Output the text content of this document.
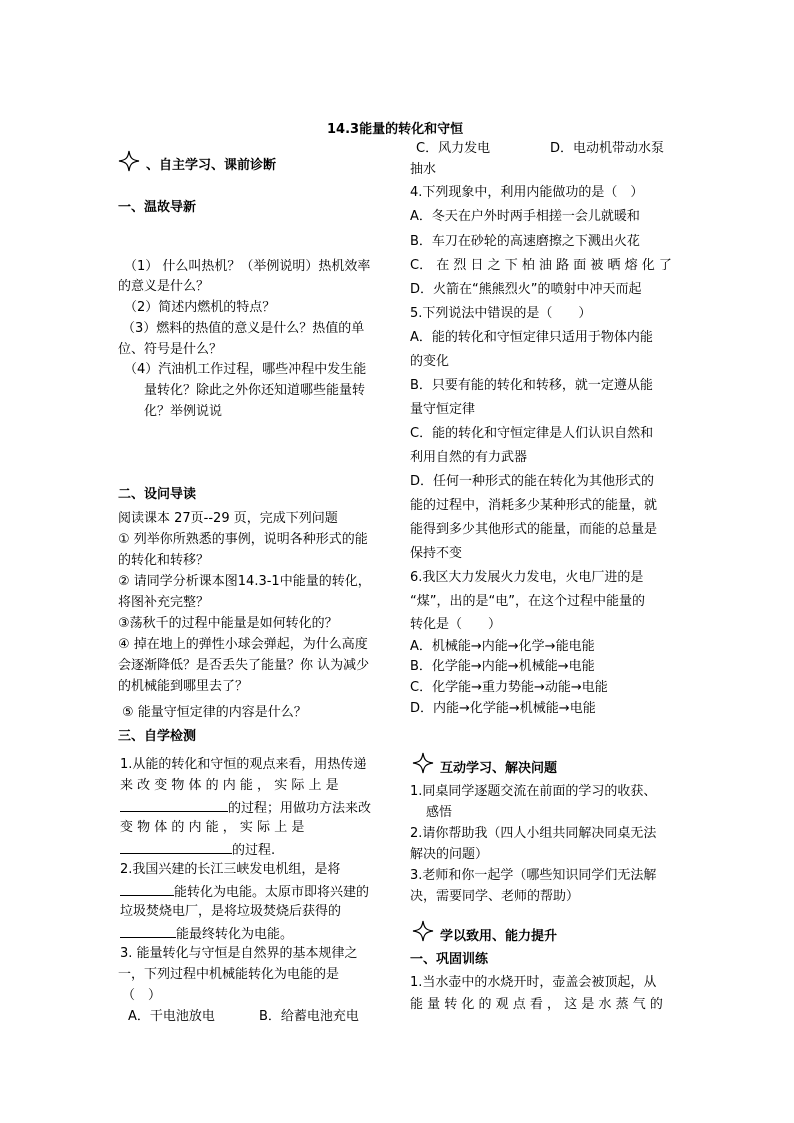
14.3能量的转化和守恒
、自主学习、课前诊断
一、温故导新
（1） 什么叫热机？（举例说明）热机效率
的意义是什么？
（2）简述内燃机的特点？
（3）燃料的热值的意义是什么？热值的单
位、符号是什么？
（4）汽油机工作过程，哪些冲程中发生能
量转化？除此之外你还知道哪些能量转
化？举例说说
二、设问导读
阅读课本 27页--29 页，完成下列问题
① 列举你所熟悉的事例，说明各种形式的能
的转化和转移？
② 请同学分析课本图14.3-1中能量的转化，
将图补充完整？
③荡秋千的过程中能量是如何转化的？
④ 掉在地上的弹性小球会弹起，为什么高度
会逐渐降低？是否丢失了能量？你 认为减少
的机械能到哪里去了？
⑤ 能量守恒定律的内容是什么？
三、自学检测
1.从能的转化和守恒的观点来看，用热传递
来 改 变 物 体 的 内 能 ， 实 际 上 是
的过程；用做功方法来改
变 物 体 的 内 能 ， 实 际 上 是
的过程.
2.我国兴建的长江三峡发电机组，是将
能转化为电能。太原市即将兴建的
垃圾焚烧电厂，是将垃圾焚烧后获得的
能最终转化为电能。
3. 能量转化与守恒是自然界的基本规律之
一，下列过程中机械能转化为电能的是
（　）
A．干电池放电	B．给蓄电池充电
C．风力发电	D．电动机带动水泵
抽水
4.下列现象中，利用内能做功的是（　）
A．冬天在户外时两手相搓一会儿就暖和
B．车刀在砂轮的高速磨擦之下溅出火花
C． 在 烈 日 之 下 柏 油 路 面 被 晒 熔 化 了
D．火箭在“熊熊烈火”的喷射中冲天而起
5.下列说法中错误的是（　　）
A．能的转化和守恒定律只适用于物体内能
的变化
B．只要有能的转化和转移，就一定遵从能
量守恒定律
C．能的转化和守恒定律是人们认识自然和
利用自然的有力武器
D．任何一种形式的能在转化为其他形式的
能的过程中，消耗多少某种形式的能量，就
能得到多少其他形式的能量，而能的总量是
保持不变
6.我区大力发展火力发电，火电厂进的是
“煤”，出的是“电”，在这个过程中能量的
转化是（　　）
A．机械能→内能→化学→能电能
B．化学能→内能→机械能→电能
C．化学能→重力势能→动能→电能
D．内能→化学能→机械能→电能
互动学习、解决问题
1.同桌同学逐题交流在前面的学习的收获、
感悟
2.请你帮助我（四人小组共同解决同桌无法
解决的问题）
3.老师和你一起学（哪些知识同学们无法解
决，需要同学、老师的帮助）
学以致用、能力提升
一、巩固训练
1.当水壶中的水烧开时，壶盖会被顶起，从
能 量 转 化 的 观 点 看 ， 这 是 水 蒸 气 的
